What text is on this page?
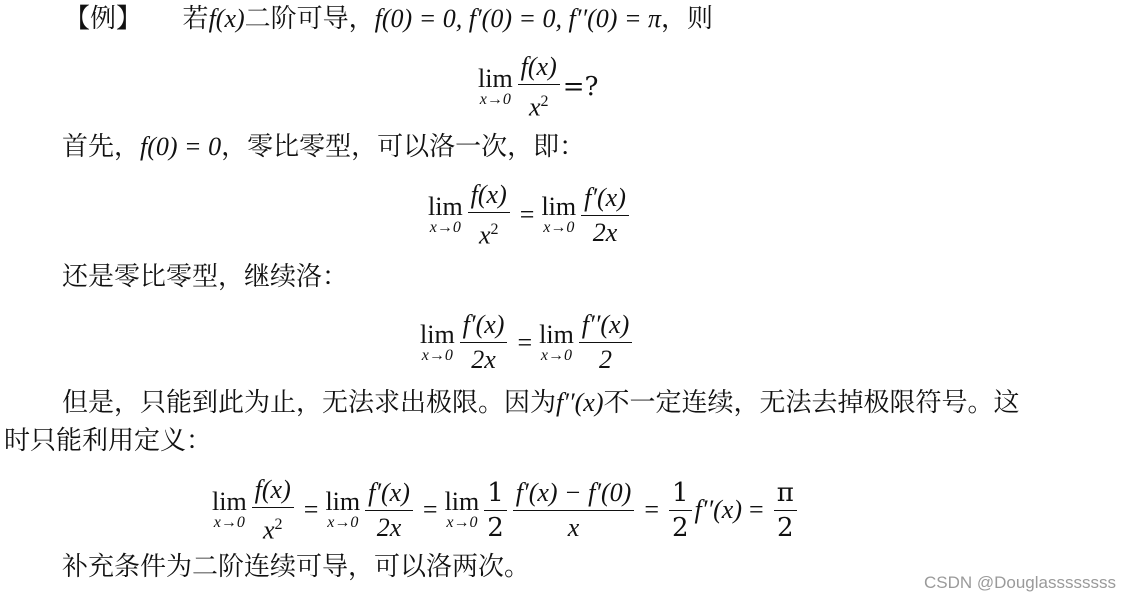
【例】 若f(x)二阶可导，f(0) = 0, f′(0) = 0, f′′(0) = π，则
lim
$x\to 0 \frac{f(x)}{x^2}$ =?
首先，f(0) = 0，零比零型，可以洛一次，即：
lim
$x\to 0 \frac{f(x)}{x^2} = \lim$
$x\to 0 \frac{f'(x)}{2x}$
还是零比零型，继续洛：
lim
$x\to 0 \frac{f'(x)}{2x} = \lim$
$x\to 0 \frac{f''(x)}{2}$
但是，只能到此为止，无法求出极限。因为f′′(x)不一定连续，无法去掉极限符号。这
时只能利用定义：
lim
$x\to 0 \frac{f(x)}{x^2} = \lim$
$x\to 0 \frac{f'(x)}{2x} = \lim$
$x\to 0 \frac{1}{2} \frac{f'(x) - f'(0)}{x} = \frac{1}{2} f''(x) = \frac{\pi}{2}$
补充条件为二阶连续可导，可以洛两次。
CSDN @Douglassssssss
